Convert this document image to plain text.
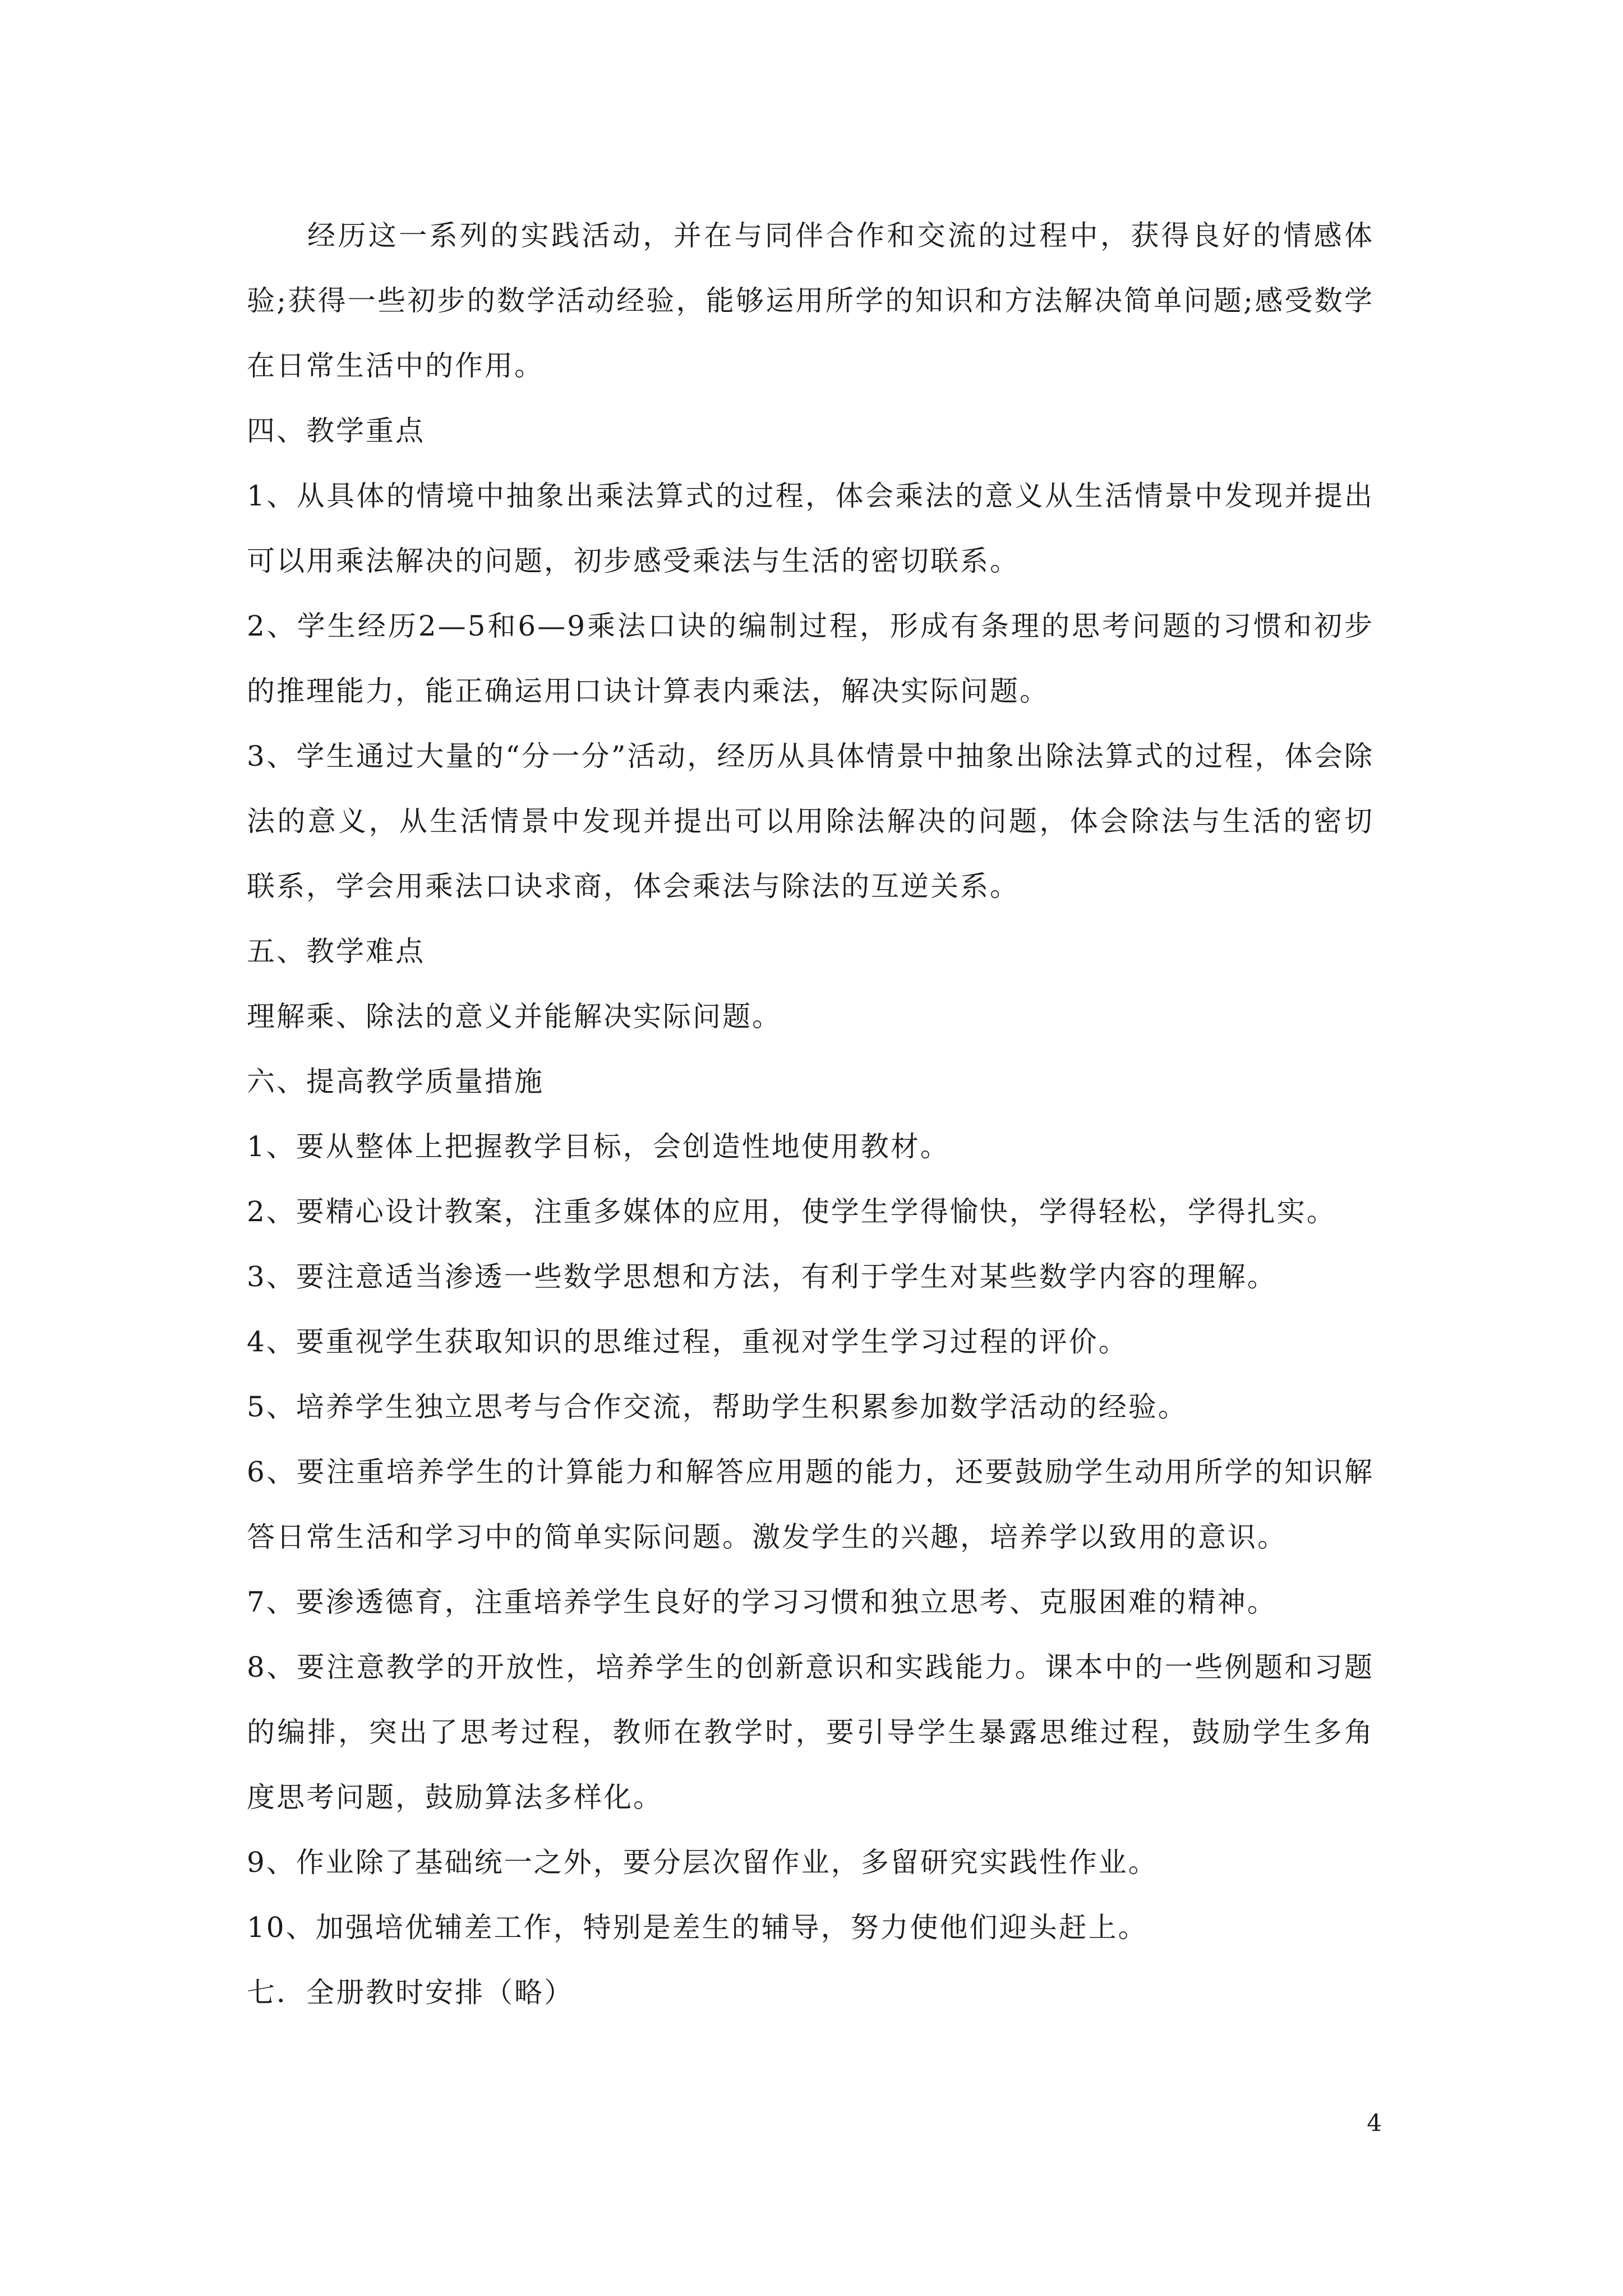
经历这一系列的实践活动，并在与同伴合作和交流的过程中，获得良好的情感体验;获得一些初步的数学活动经验，能够运用所学的知识和方法解决简单问题;感受数学在日常生活中的作用。

四、教学重点

1、从具体的情境中抽象出乘法算式的过程，体会乘法的意义从生活情景中发现并提出可以用乘法解决的问题，初步感受乘法与生活的密切联系。

2、学生经历2—5和6—9乘法口诀的编制过程，形成有条理的思考问题的习惯和初步的推理能力，能正确运用口诀计算表内乘法，解决实际问题。

3、学生通过大量的“分一分”活动，经历从具体情景中抽象出除法算式的过程，体会除法的意义，从生活情景中发现并提出可以用除法解决的问题，体会除法与生活的密切联系，学会用乘法口诀求商，体会乘法与除法的互逆关系。

五、教学难点

理解乘、除法的意义并能解决实际问题。

六、提高教学质量措施

1、要从整体上把握教学目标，会创造性地使用教材。

2、要精心设计教案，注重多媒体的应用，使学生学得愉快，学得轻松，学得扎实。

3、要注意适当渗透一些数学思想和方法，有利于学生对某些数学内容的理解。

4、要重视学生获取知识的思维过程，重视对学生学习过程的评价。

5、培养学生独立思考与合作交流，帮助学生积累参加数学活动的经验。

6、要注重培养学生的计算能力和解答应用题的能力，还要鼓励学生动用所学的知识解答日常生活和学习中的简单实际问题。激发学生的兴趣，培养学以致用的意识。

7、要渗透德育，注重培养学生良好的学习习惯和独立思考、克服困难的精神。

8、要注意教学的开放性，培养学生的创新意识和实践能力。课本中的一些例题和习题的编排，突出了思考过程，教师在教学时，要引导学生暴露思维过程，鼓励学生多角度思考问题，鼓励算法多样化。

9、作业除了基础统一之外，要分层次留作业，多留研究实践性作业。

10、加强培优辅差工作，特别是差生的辅导，努力使他们迎头赶上。

七．全册教时安排（略）

4
